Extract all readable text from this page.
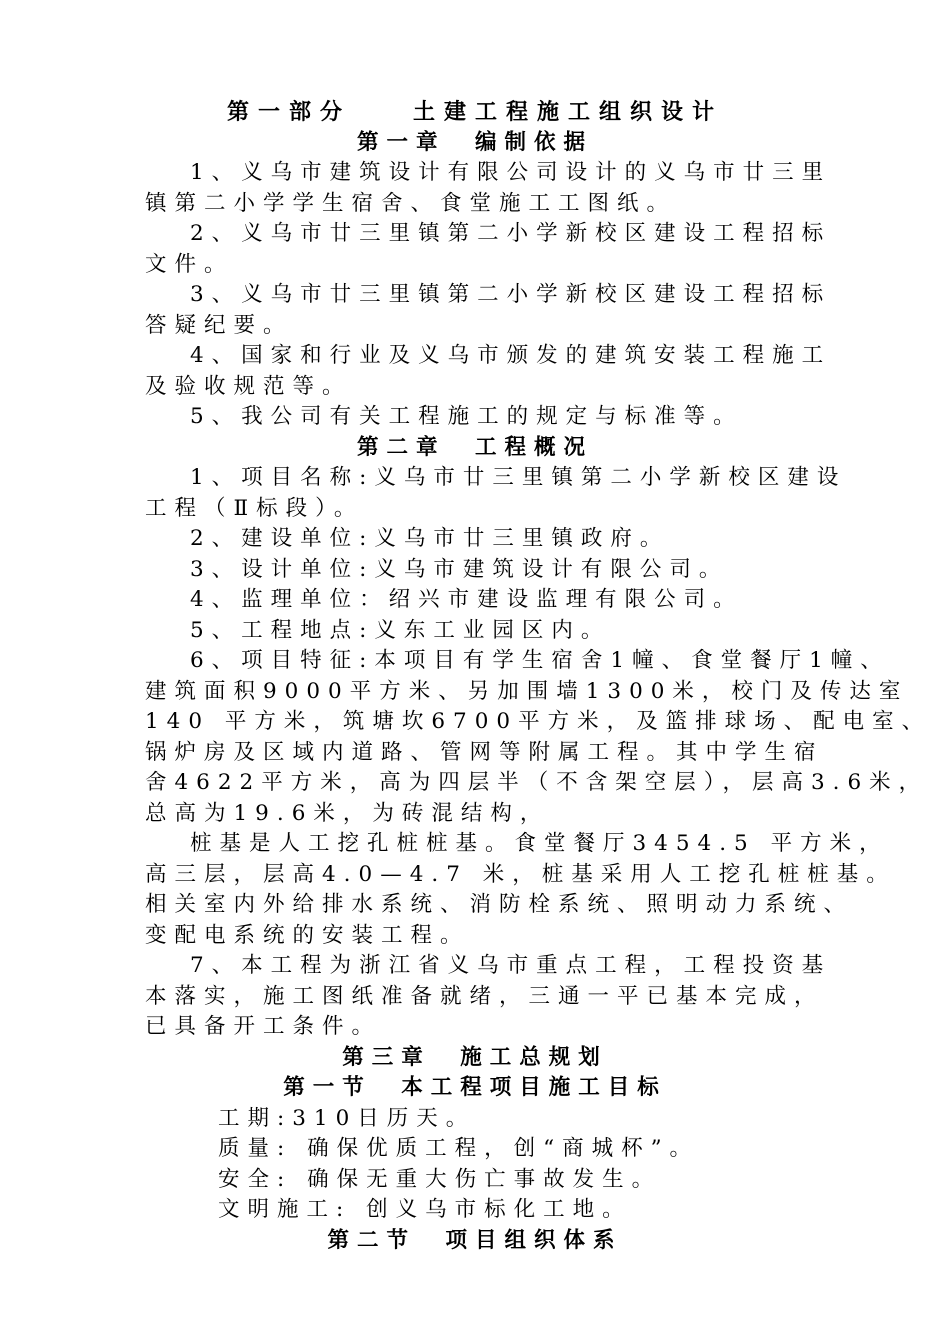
第一部分　　土建工程施工组织设计
第一章　编制依据
1、义乌市建筑设计有限公司设计的义乌市廿三里
镇第二小学学生宿舍、食堂施工工图纸。
2、义乌市廿三里镇第二小学新校区建设工程招标
文件。
3、义乌市廿三里镇第二小学新校区建设工程招标
答疑纪要。
4、国家和行业及义乌市颁发的建筑安装工程施工
及验收规范等。
5、我公司有关工程施工的规定与标准等。
第二章　工程概况
1、项目名称:义乌市廿三里镇第二小学新校区建设
工程（Ⅱ标段）。
2、建设单位:义乌市廿三里镇政府。
3、设计单位:义乌市建筑设计有限公司。
4、监理单位：绍兴市建设监理有限公司。
5、工程地点:义东工业园区内。
6、项目特征:本项目有学生宿舍1幢、食堂餐厅1幢、
建筑面积9000平方米、另加围墙1300米，校门及传达室
140 平方米，筑塘坎6700平方米，及篮排球场、配电室、
锅炉房及区域内道路、管网等附属工程。其中学生宿
舍4622平方米，高为四层半（不含架空层），层高3.6米，
总高为19.6米，为砖混结构，
桩基是人工挖孔桩桩基。食堂餐厅3454.5 平方米，
高三层，层高4.0—4.7 米，桩基采用人工挖孔桩桩基。
相关室内外给排水系统、消防栓系统、照明动力系统、
变配电系统的安装工程。
7、本工程为浙江省义乌市重点工程，工程投资基
本落实，施工图纸准备就绪，三通一平已基本完成，
已具备开工条件。
第三章　施工总规划
第一节　本工程项目施工目标
工期:310日历天。
质量: 确保优质工程，创“商城杯”。
安全: 确保无重大伤亡事故发生。
文明施工: 创义乌市标化工地。
第二节　项目组织体系
